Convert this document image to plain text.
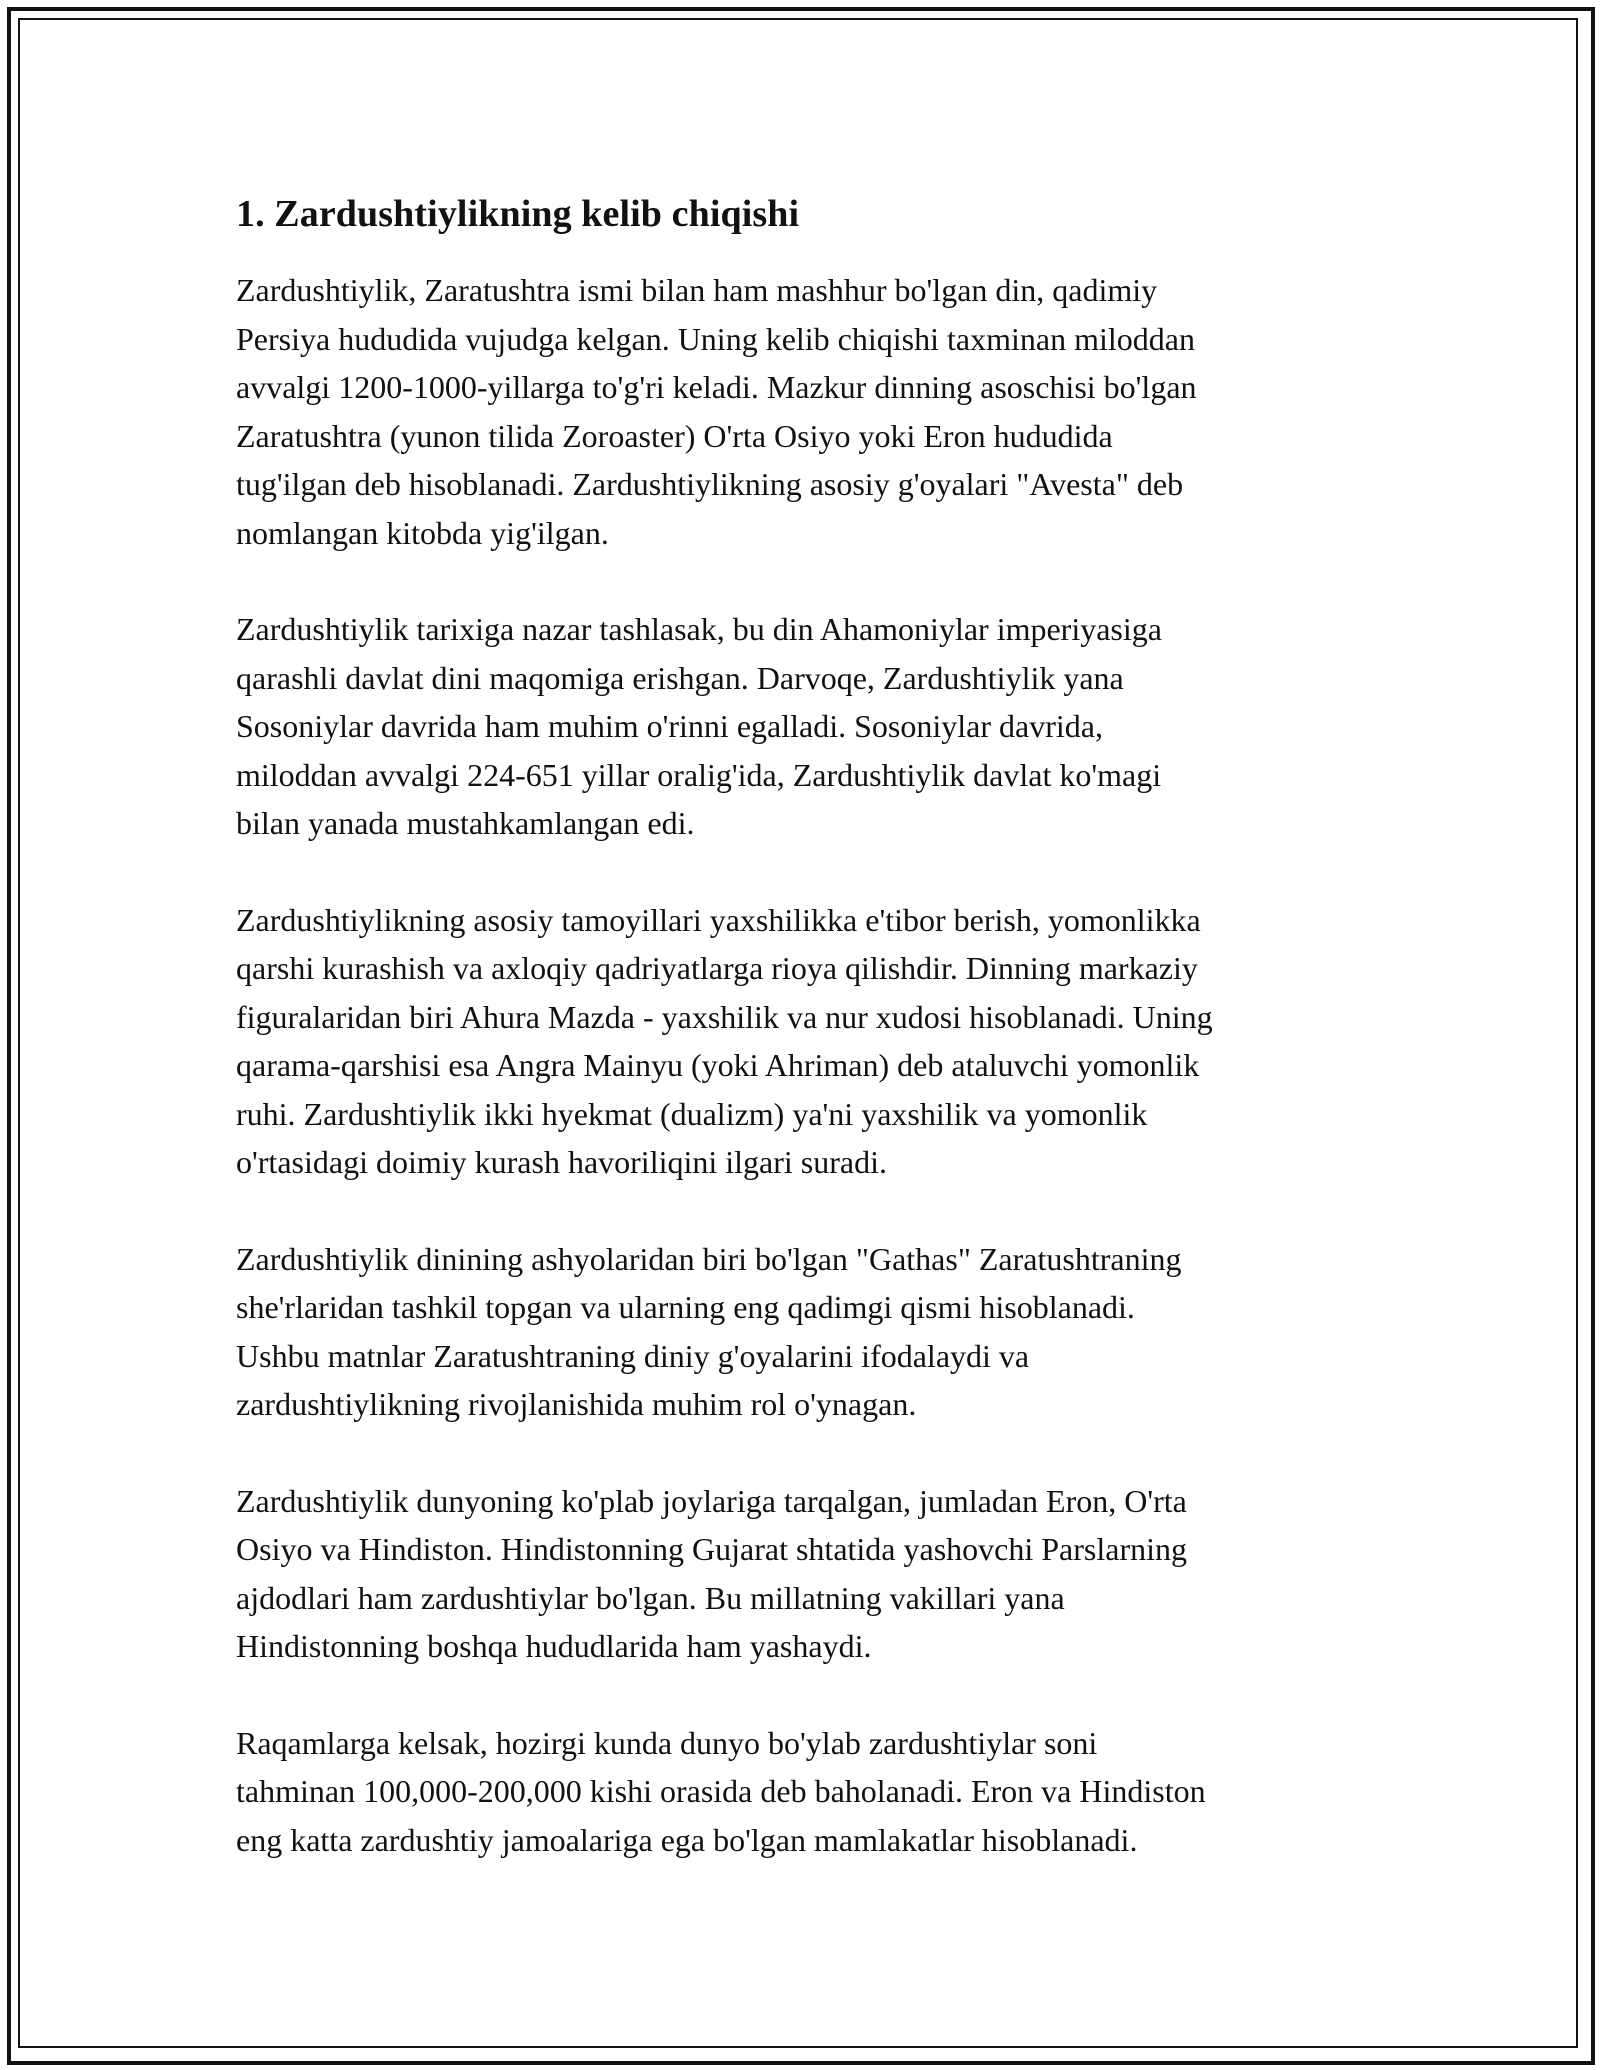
1. Zardushtiylikning kelib chiqishi

Zardushtiylik, Zaratushtra ismi bilan ham mashhur bo'lgan din, qadimiy
Persiya hududida vujudga kelgan. Uning kelib chiqishi taxminan miloddan
avvalgi 1200-1000-yillarga to'g'ri keladi. Mazkur dinning asoschisi bo'lgan
Zaratushtra (yunon tilida Zoroaster) O'rta Osiyo yoki Eron hududida
tug'ilgan deb hisoblanadi. Zardushtiylikning asosiy g'oyalari "Avesta" deb
nomlangan kitobda yig'ilgan.

Zardushtiylik tarixiga nazar tashlasak, bu din Ahamoniylar imperiyasiga
qarashli davlat dini maqomiga erishgan. Darvoqe, Zardushtiylik yana
Sosoniylar davrida ham muhim o'rinni egalladi. Sosoniylar davrida,
miloddan avvalgi 224-651 yillar oralig'ida, Zardushtiylik davlat ko'magi
bilan yanada mustahkamlangan edi.

Zardushtiylikning asosiy tamoyillari yaxshilikka e'tibor berish, yomonlikka
qarshi kurashish va axloqiy qadriyatlarga rioya qilishdir. Dinning markaziy
figuralaridan biri Ahura Mazda - yaxshilik va nur xudosi hisoblanadi. Uning
qarama-qarshisi esa Angra Mainyu (yoki Ahriman) deb ataluvchi yomonlik
ruhi. Zardushtiylik ikki hyekmat (dualizm) ya'ni yaxshilik va yomonlik
o'rtasidagi doimiy kurash havoriliqini ilgari suradi.

Zardushtiylik dinining ashyolaridan biri bo'lgan "Gathas" Zaratushtraning
she'rlaridan tashkil topgan va ularning eng qadimgi qismi hisoblanadi.
Ushbu matnlar Zaratushtraning diniy g'oyalarini ifodalaydi va
zardushtiylikning rivojlanishida muhim rol o'ynagan.

Zardushtiylik dunyoning ko'plab joylariga tarqalgan, jumladan Eron, O'rta
Osiyo va Hindiston. Hindistonning Gujarat shtatida yashovchi Parslarning
ajdodlari ham zardushtiylar bo'lgan. Bu millatning vakillari yana
Hindistonning boshqa hududlarida ham yashaydi.

Raqamlarga kelsak, hozirgi kunda dunyo bo'ylab zardushtiylar soni
tahminan 100,000-200,000 kishi orasida deb baholanadi. Eron va Hindiston
eng katta zardushtiy jamoalariga ega bo'lgan mamlakatlar hisoblanadi.
